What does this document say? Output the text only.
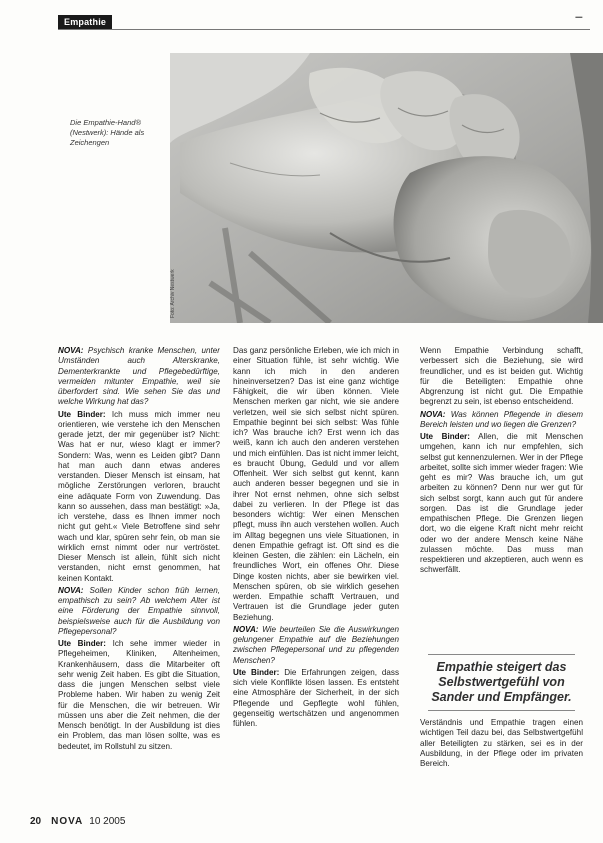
Empathie	–
Foto: Archiv Nestwerk
Die Empathie-Hand® (Nestwerk): Hände als Zeichengen

NOVA: Psychisch kranke Menschen, unter Umständen auch Alterskranke, Dementerkrankte und Pflegebedürftige, vermeiden mitunter Empathie, weil sie überfordert sind. Wie sehen Sie das und welche Wirkung hat das?

Ute Binder: Ich muss mich immer neu orientieren, wie verstehe ich den Menschen gerade jetzt, der mir gegenüber ist? Nicht: Was hat er nur, wieso klagt er immer? Sondern: Was, wenn es Leiden gibt? Dann hat man auch dann etwas anderes verstanden. Dieser Mensch ist einsam, hat mögliche Zerstörungen verloren, braucht eine adäquate Form von Zuwendung. Das kann so aussehen, dass man bestätigt: »Ja, ich verstehe, dass es Ihnen immer noch nicht gut geht.« Viele Betroffene sind sehr wach und klar, spüren sehr fein, ob man sie wirklich ernst nimmt oder nur vertröstet. Dieser Mensch ist allein, fühlt sich nicht verstanden, nicht ernst genommen, hat keinen Kontakt.

NOVA: Sollen Kinder schon früh lernen, empathisch zu sein? Ab welchem Alter ist eine Förderung der Empathie sinnvoll, beispielsweise auch für die Ausbildung von Pflegepersonal?

Ute Binder: Ich sehe immer wieder in Pflegeheimen, Kliniken, Altenheimen, Krankenhäusern, dass die Mitarbeiter oft sehr wenig Zeit haben. Es gibt die Situation, dass die jungen Menschen selbst viele Probleme haben. Wir haben zu wenig Zeit für die Menschen, die wir betreuen. Wir müssen uns aber die Zeit nehmen, die der Mensch benötigt. In der Ausbildung ist dies ein Problem, das man lösen sollte, was es bedeutet, im Rollstuhl zu sitzen.

Das ganz persönliche Erleben, wie ich mich in einer Situation fühle, ist sehr wichtig. Wie kann ich mich in den anderen hineinversetzen? Das ist eine ganz wichtige Fähigkeit, die wir üben können. Viele Menschen merken gar nicht, wie sie andere verletzen, weil sie sich selbst nicht spüren. Empathie beginnt bei sich selbst: Was fühle ich? Was brauche ich? Erst wenn ich das weiß, kann ich auch den anderen verstehen und mich einfühlen. Das ist nicht immer leicht, es braucht Übung, Geduld und vor allem Offenheit. Wer sich selbst gut kennt, kann auch anderen besser begegnen und sie in ihrer Not ernst nehmen, ohne sich selbst dabei zu verlieren. In der Pflege ist das besonders wichtig: Wer einen Menschen pflegt, muss ihn auch verstehen wollen. Auch im Alltag begegnen uns viele Situationen, in denen Empathie gefragt ist. Oft sind es die kleinen Gesten, die zählen: ein Lächeln, ein freundliches Wort, ein offenes Ohr. Diese Dinge kosten nichts, aber sie bewirken viel. Menschen spüren, ob sie wirklich gesehen werden. Empathie schafft Vertrauen, und Vertrauen ist die Grundlage jeder guten Beziehung.

NOVA: Wie beurteilen Sie die Auswirkungen gelungener Empathie auf die Beziehungen zwischen Pflegepersonal und zu pflegenden Menschen?

Ute Binder: Die Erfahrungen zeigen, dass sich viele Konflikte lösen lassen. Es entsteht eine Atmosphäre der Sicherheit, in der sich Pflegende und Gepflegte wohl fühlen, gegenseitig wertschätzen und angenommen fühlen.

Wenn Empathie Verbindung schafft, verbessert sich die Beziehung, sie wird freundlicher, und es ist beiden gut. Wichtig für die Beteiligten: Empathie ohne Abgrenzung ist nicht gut. Die Empathie begrenzt zu sein, ist ebenso entscheidend.

NOVA: Was können Pflegende in diesem Bereich leisten und wo liegen die Grenzen?

Ute Binder: Allen, die mit Menschen umgehen, kann ich nur empfehlen, sich selbst gut kennenzulernen. Wer in der Pflege arbeitet, sollte sich immer wieder fragen: Wie geht es mir? Was brauche ich, um gut arbeiten zu können? Denn nur wer gut für sich selbst sorgt, kann auch gut für andere sorgen. Das ist die Grundlage jeder empathischen Pflege. Die Grenzen liegen dort, wo die eigene Kraft nicht mehr reicht oder wo der andere Mensch keine Nähe zulassen möchte. Das muss man respektieren und akzeptieren, auch wenn es schwerfällt.

Empathie steigert das Selbstwertgefühl von Sander und Empfänger.
20 NOVA 10 2005

Verständnis und Empathie tragen einen wichtigen Teil dazu bei, das Selbstwertgefühl aller Beteiligten zu stärken, sei es in der Ausbildung, in der Pflege oder im privaten Bereich.
